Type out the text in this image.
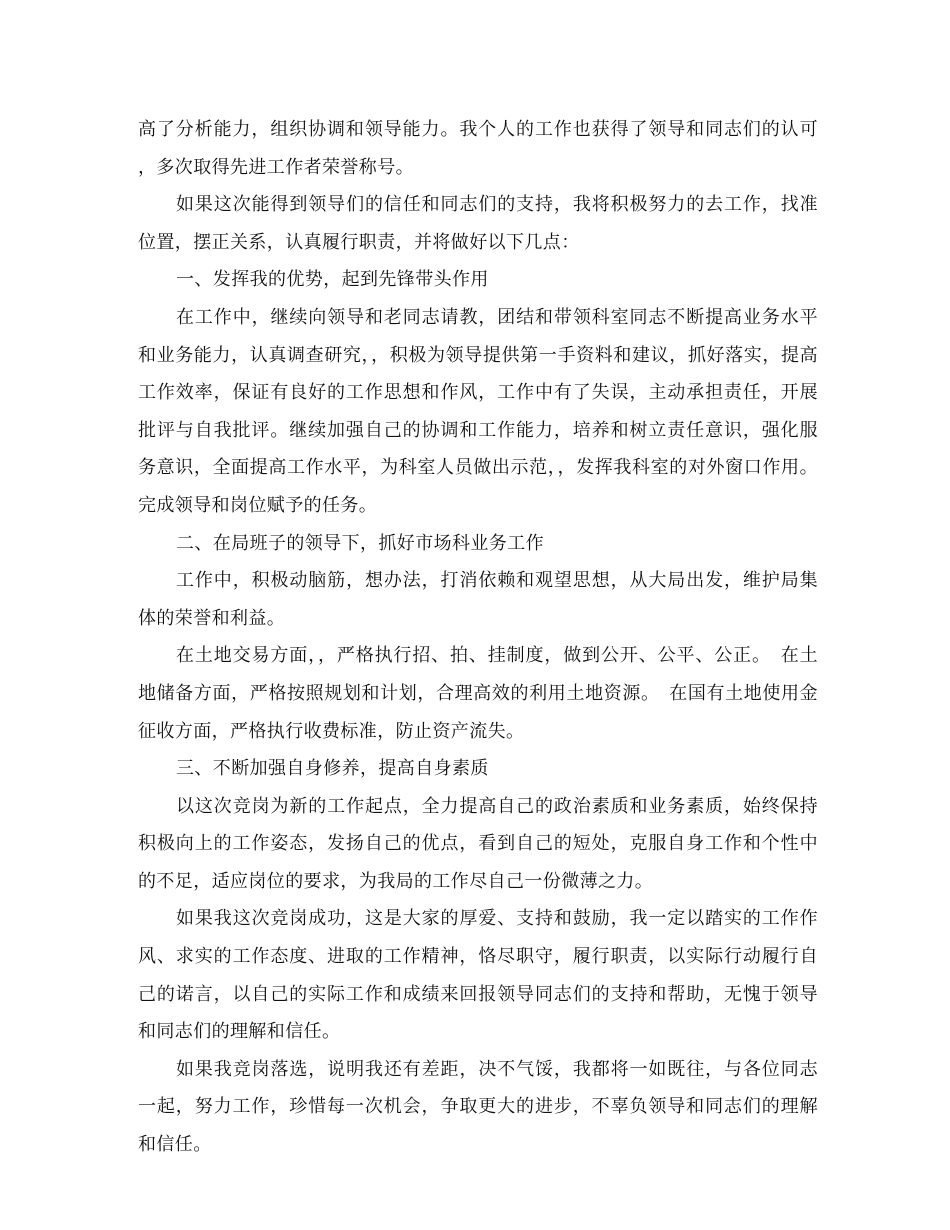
高了分析能力，组织协调和领导能力。我个人的工作也获得了领导和同志们的认可，多次取得先进工作者荣誉称号。

如果这次能得到领导们的信任和同志们的支持，我将积极努力的去工作，找准位置，摆正关系，认真履行职责，并将做好以下几点：

一、发挥我的优势，起到先锋带头作用

在工作中，继续向领导和老同志请教，团结和带领科室同志不断提高业务水平和业务能力，认真调查研究，，积极为领导提供第一手资料和建议，抓好落实，提高工作效率，保证有良好的工作思想和作风，工作中有了失误，主动承担责任，开展批评与自我批评。继续加强自己的协调和工作能力，培养和树立责任意识，强化服务意识，全面提高工作水平，为科室人员做出示范，，发挥我科室的对外窗口作用。完成领导和岗位赋予的任务。

二、在局班子的领导下，抓好市场科业务工作

工作中，积极动脑筋，想办法，打消依赖和观望思想，从大局出发，维护局集体的荣誉和利益。

在土地交易方面，，严格执行招、拍、挂制度，做到公开、公平、公正。　在土地储备方面，严格按照规划和计划，合理高效的利用土地资源。　在国有土地使用金征收方面，严格执行收费标准，防止资产流失。

三、不断加强自身修养，提高自身素质

以这次竞岗为新的工作起点，全力提高自己的政治素质和业务素质，始终保持积极向上的工作姿态，发扬自己的优点，看到自己的短处，克服自身工作和个性中的不足，适应岗位的要求，为我局的工作尽自己一份微薄之力。

如果我这次竞岗成功，这是大家的厚爱、支持和鼓励，我一定以踏实的工作作风、求实的工作态度、进取的工作精神，恪尽职守，履行职责，以实际行动履行自己的诺言，以自己的实际工作和成绩来回报领导同志们的支持和帮助，无愧于领导和同志们的理解和信任。

如果我竞岗落选，说明我还有差距，决不气馁，我都将一如既往，与各位同志一起，努力工作，珍惜每一次机会，争取更大的进步，不辜负领导和同志们的理解和信任。
